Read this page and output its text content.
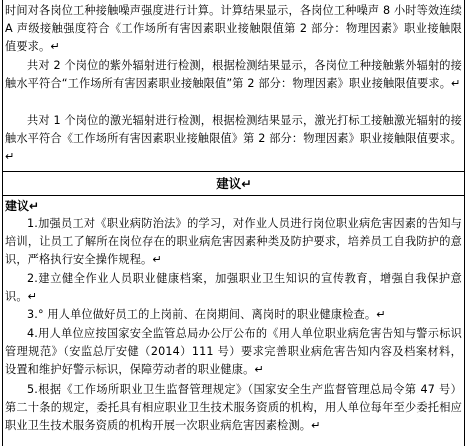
时间对各岗位工种接触噪声强度进行计算。计算结果显示，各岗位工种噪声 8 小时等效连续 A 声级接触强度符合《工作场所有害因素职业接触限值第 2 部分：物理因素》职业接触限值要求。↵
共对 2 个岗位的紫外辐射进行检测，根据检测结果显示，各岗位工种接触紫外辐射的接触水平符合“工作场所有害因素职业接触限值”第 2 部分：物理因素》职业接触限值要求。↵
共对 1 个岗位的激光辐射进行检测，根据检测结果显示，激光打标工接触激光辐射的接触水平符合《工作场所有害因素职业接触限值》第 2 部分：物理因素》职业接触限值要求。↵
建议↵
建议↵
1.加强员工对《职业病防治法》的学习，对作业人员进行岗位职业病危害因素的告知与培训，让员工了解所在岗位存在的职业病危害因素种类及防护要求，培养员工自我防护的意识，严格执行安全操作规程。↵
2.建立健全作业人员职业健康档案，加强职业卫生知识的宣传教育，增强自我保护意识。↵
3.° 用人单位做好员工的上岗前、在岗期间、离岗时的职业健康检查。↵
4.用人单位应按国家安全监管总局办公厅公布的《用人单位职业病危害告知与警示标识管理规范》（安监总厅安健（2014）111 号）要求完善职业病危害告知内容及档案材料，设置和维护好警示标识，保障劳动者的职业健康。↵
5.根据《工作场所职业卫生监督管理规定》（国家安全生产监督管理总局令第 47 号）第二十条的规定，委托具有相应职业卫生技术服务资质的机构，用人单位每年至少委托相应职业卫生技术服务资质的机构开展一次职业病危害因素检测。↵
